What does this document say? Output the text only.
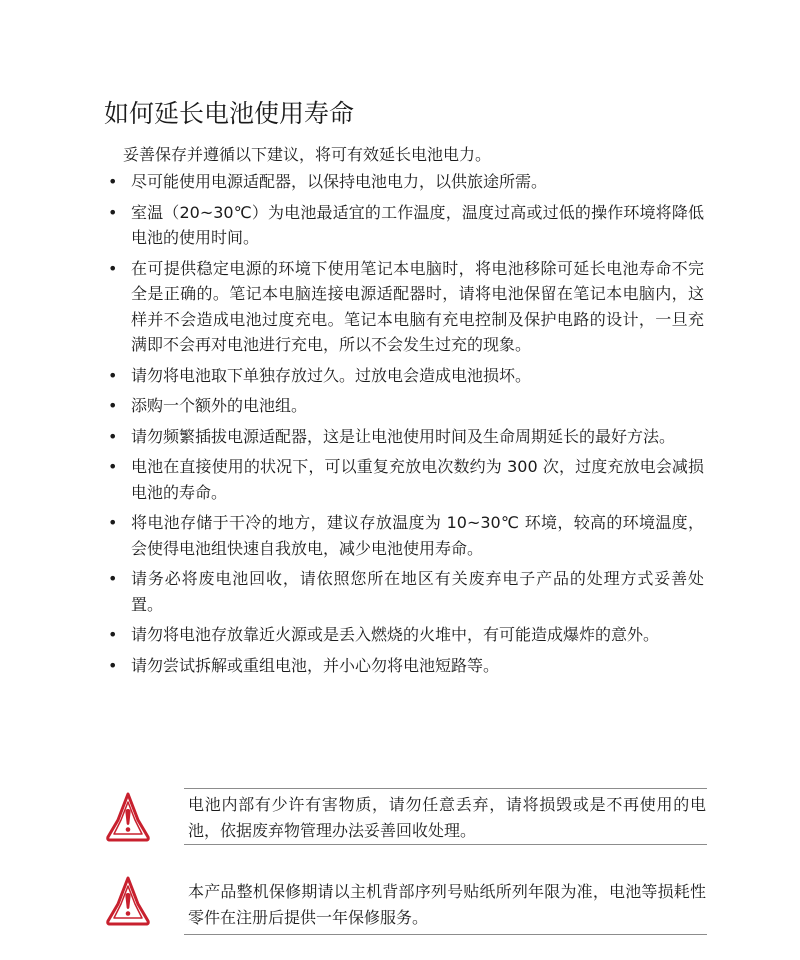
如何延长电池使用寿命
妥善保存并遵循以下建议，将可有效延长电池电力。
• 尽可能使用电源适配器，以保持电池电力，以供旅途所需。
• 室温（20~30℃）为电池最适宜的工作温度，温度过高或过低的操作环境将降低电池的使用时间。
• 在可提供稳定电源的环境下使用笔记本电脑时，将电池移除可延长电池寿命不完全是正确的。笔记本电脑连接电源适配器时，请将电池保留在笔记本电脑内，这样并不会造成电池过度充电。笔记本电脑有充电控制及保护电路的设计，一旦充满即不会再对电池进行充电，所以不会发生过充的现象。
• 请勿将电池取下单独存放过久。过放电会造成电池损坏。
• 添购一个额外的电池组。
• 请勿频繁插拔电源适配器，这是让电池使用时间及生命周期延长的最好方法。
• 电池在直接使用的状况下，可以重复充放电次数约为 300 次，过度充放电会减损电池的寿命。
• 将电池存储于干冷的地方，建议存放温度为 10~30℃ 环境，较高的环境温度，会使得电池组快速自我放电，减少电池使用寿命。
• 请务必将废电池回收，请依照您所在地区有关废弃电子产品的处理方式妥善处置。
• 请勿将电池存放靠近火源或是丢入燃烧的火堆中，有可能造成爆炸的意外。
• 请勿尝试拆解或重组电池，并小心勿将电池短路等。
电池内部有少许有害物质，请勿任意丢弃，请将损毁或是不再使用的电池，依据废弃物管理办法妥善回收处理。
本产品整机保修期请以主机背部序列号贴纸所列年限为准，电池等损耗性零件在注册后提供一年保修服务。
